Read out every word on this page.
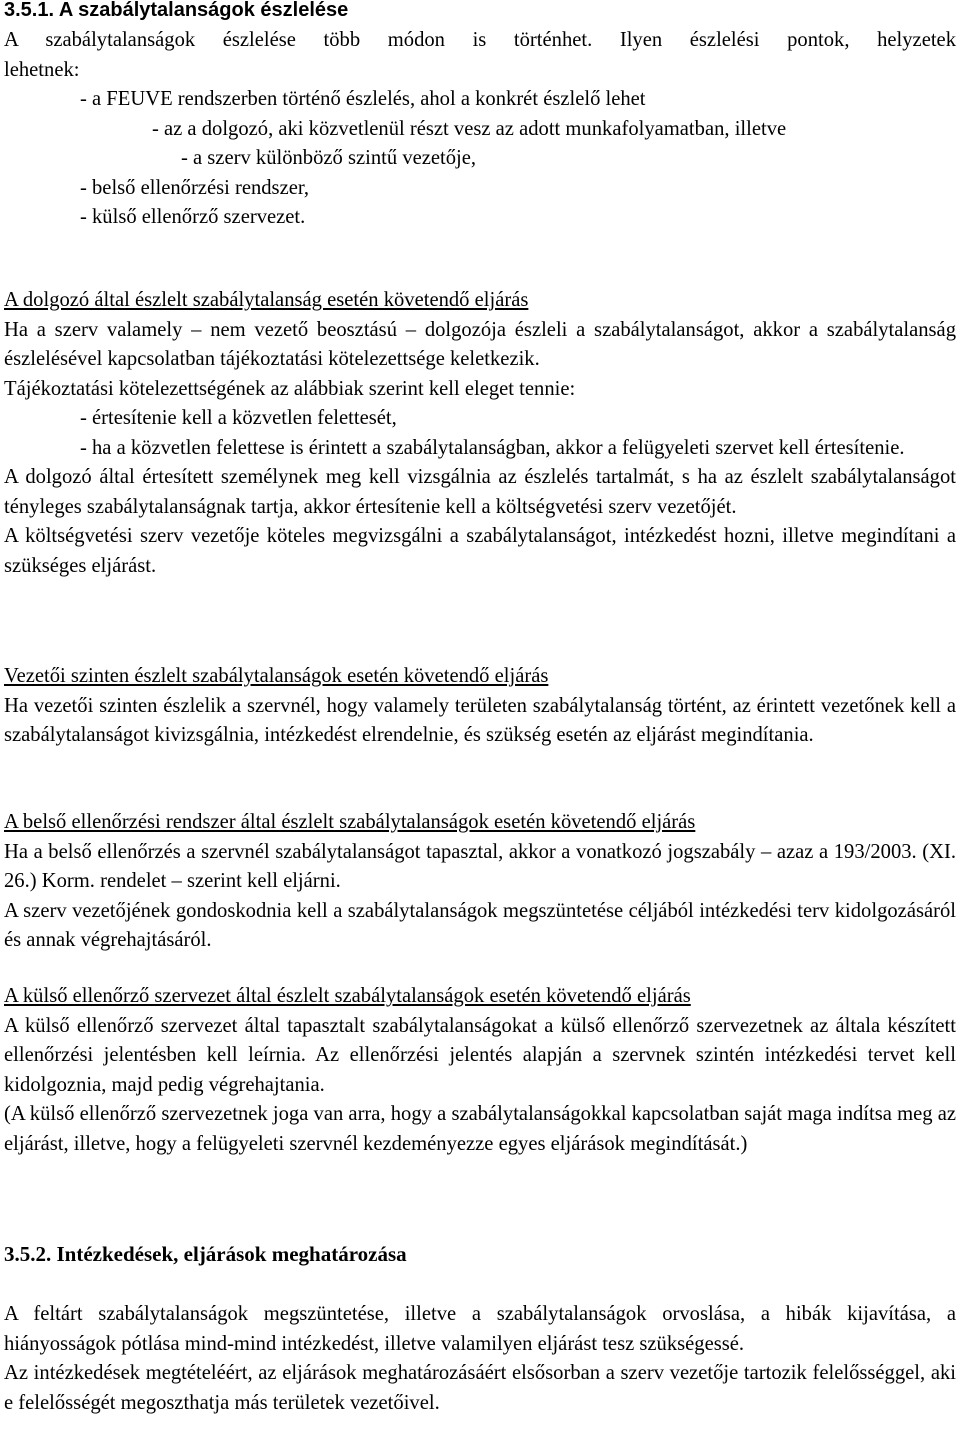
3.5.1. A szabálytalanságok észlelése
A szabálytalanságok észlelése több módon is történhet. Ilyen észlelési pontok, helyzetek
lehetnek:
- a FEUVE rendszerben történő észlelés, ahol a konkrét észlelő lehet
- az a dolgozó, aki közvetlenül részt vesz az adott munkafolyamatban, illetve
- a szerv különböző szintű vezetője,
- belső ellenőrzési rendszer,
- külső ellenőrző szervezet.
A dolgozó által észlelt szabálytalanság esetén követendő eljárás
Ha a szerv valamely – nem vezető beosztású – dolgozója észleli a szabálytalanságot, akkor a szabálytalanság észlelésével kapcsolatban tájékoztatási kötelezettsége keletkezik.
Tájékoztatási kötelezettségének az alábbiak szerint kell eleget tennie:
- értesítenie kell a közvetlen felettesét,
- ha a közvetlen felettese is érintett a szabálytalanságban, akkor a felügyeleti szervet kell értesítenie.
A dolgozó által értesített személynek meg kell vizsgálnia az észlelés tartalmát, s ha az észlelt szabálytalanságot tényleges szabálytalanságnak tartja, akkor értesítenie kell a költségvetési szerv vezetőjét.
A költségvetési szerv vezetője köteles megvizsgálni a szabálytalanságot, intézkedést hozni, illetve megindítani a szükséges eljárást.
Vezetői szinten észlelt szabálytalanságok esetén követendő eljárás
Ha vezetői szinten észlelik a szervnél, hogy valamely területen szabálytalanság történt, az érintett vezetőnek kell a szabálytalanságot kivizsgálnia, intézkedést elrendelnie, és szükség esetén az eljárást megindítania.
A belső ellenőrzési rendszer által észlelt szabálytalanságok esetén követendő eljárás
Ha a belső ellenőrzés a szervnél szabálytalanságot tapasztal, akkor a vonatkozó jogszabály – azaz a 193/2003. (XI. 26.) Korm. rendelet – szerint kell eljárni.
A szerv vezetőjének gondoskodnia kell a szabálytalanságok megszüntetése céljából intézkedési terv kidolgozásáról és annak végrehajtásáról.
A külső ellenőrző szervezet által észlelt szabálytalanságok esetén követendő eljárás
A külső ellenőrző szervezet által tapasztalt szabálytalanságokat a külső ellenőrző szervezetnek az általa készített ellenőrzési jelentésben kell leírnia. Az ellenőrzési jelentés alapján a szervnek szintén intézkedési tervet kell kidolgoznia, majd pedig végrehajtania.
(A külső ellenőrző szervezetnek joga van arra, hogy a szabálytalanságokkal kapcsolatban saját maga indítsa meg az eljárást, illetve, hogy a felügyeleti szervnél kezdeményezze egyes eljárások megindítását.)
3.5.2. Intézkedések, eljárások meghatározása
A feltárt szabálytalanságok megszüntetése, illetve a szabálytalanságok orvoslása, a hibák kijavítása, a hiányosságok pótlása mind-mind intézkedést, illetve valamilyen eljárást tesz szükségessé.
Az intézkedések megtételéért, az eljárások meghatározásáért elsősorban a szerv vezetője tartozik felelősséggel, aki e felelősségét megoszthatja más területek vezetőivel.
